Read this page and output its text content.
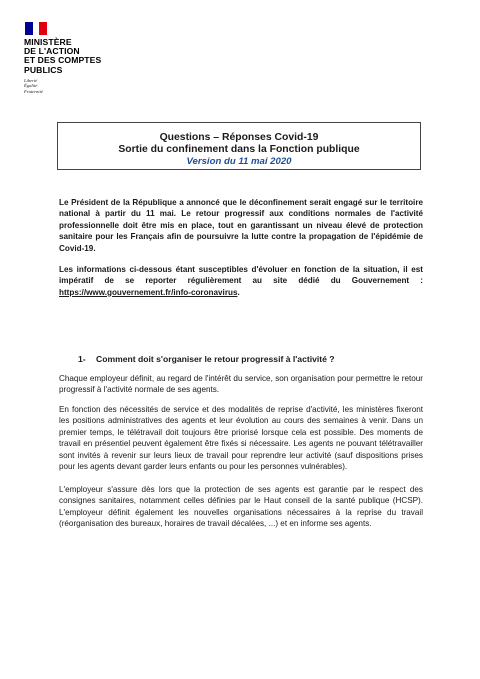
MINISTÈRE
DE L'ACTION
ET DES COMPTES
PUBLICS
Liberté
Égalité
Fraternité
Questions – Réponses Covid-19
Sortie du confinement dans la Fonction publique
Version du 11 mai 2020
Le Président de la République a annoncé que le déconfinement serait engagé sur le territoire national à partir du 11 mai. Le retour progressif aux conditions normales de l'activité professionnelle doit être mis en place, tout en garantissant un niveau élevé de protection sanitaire pour les Français afin de poursuivre la lutte contre la propagation de l'épidémie de Covid-19.
Les informations ci-dessous étant susceptibles d'évoluer en fonction de la situation, il est impératif de se reporter régulièrement au site dédié du Gouvernement : https://www.gouvernement.fr/info-coronavirus.
1- Comment doit s'organiser le retour progressif à l'activité ?
Chaque employeur définit, au regard de l'intérêt du service, son organisation pour permettre le retour progressif à l'activité normale de ses agents.
En fonction des nécessités de service et des modalités de reprise d'activité, les ministères fixeront les positions administratives des agents et leur évolution au cours des semaines à venir. Dans un premier temps, le télétravail doit toujours être priorisé lorsque cela est possible. Des moments de travail en présentiel peuvent également être fixés si nécessaire. Les agents ne pouvant télétravailler sont invités à revenir sur leurs lieux de travail pour reprendre leur activité (sauf dispositions prises pour les agents devant garder leurs enfants ou pour les personnes vulnérables).
L'employeur s'assure dès lors que la protection de ses agents est garantie par le respect des consignes sanitaires, notamment celles définies par le Haut conseil de la santé publique (HCSP). L'employeur définit également les nouvelles organisations nécessaires à la reprise du travail (réorganisation des bureaux, horaires de travail décalées, ...) et en informe ses agents.
